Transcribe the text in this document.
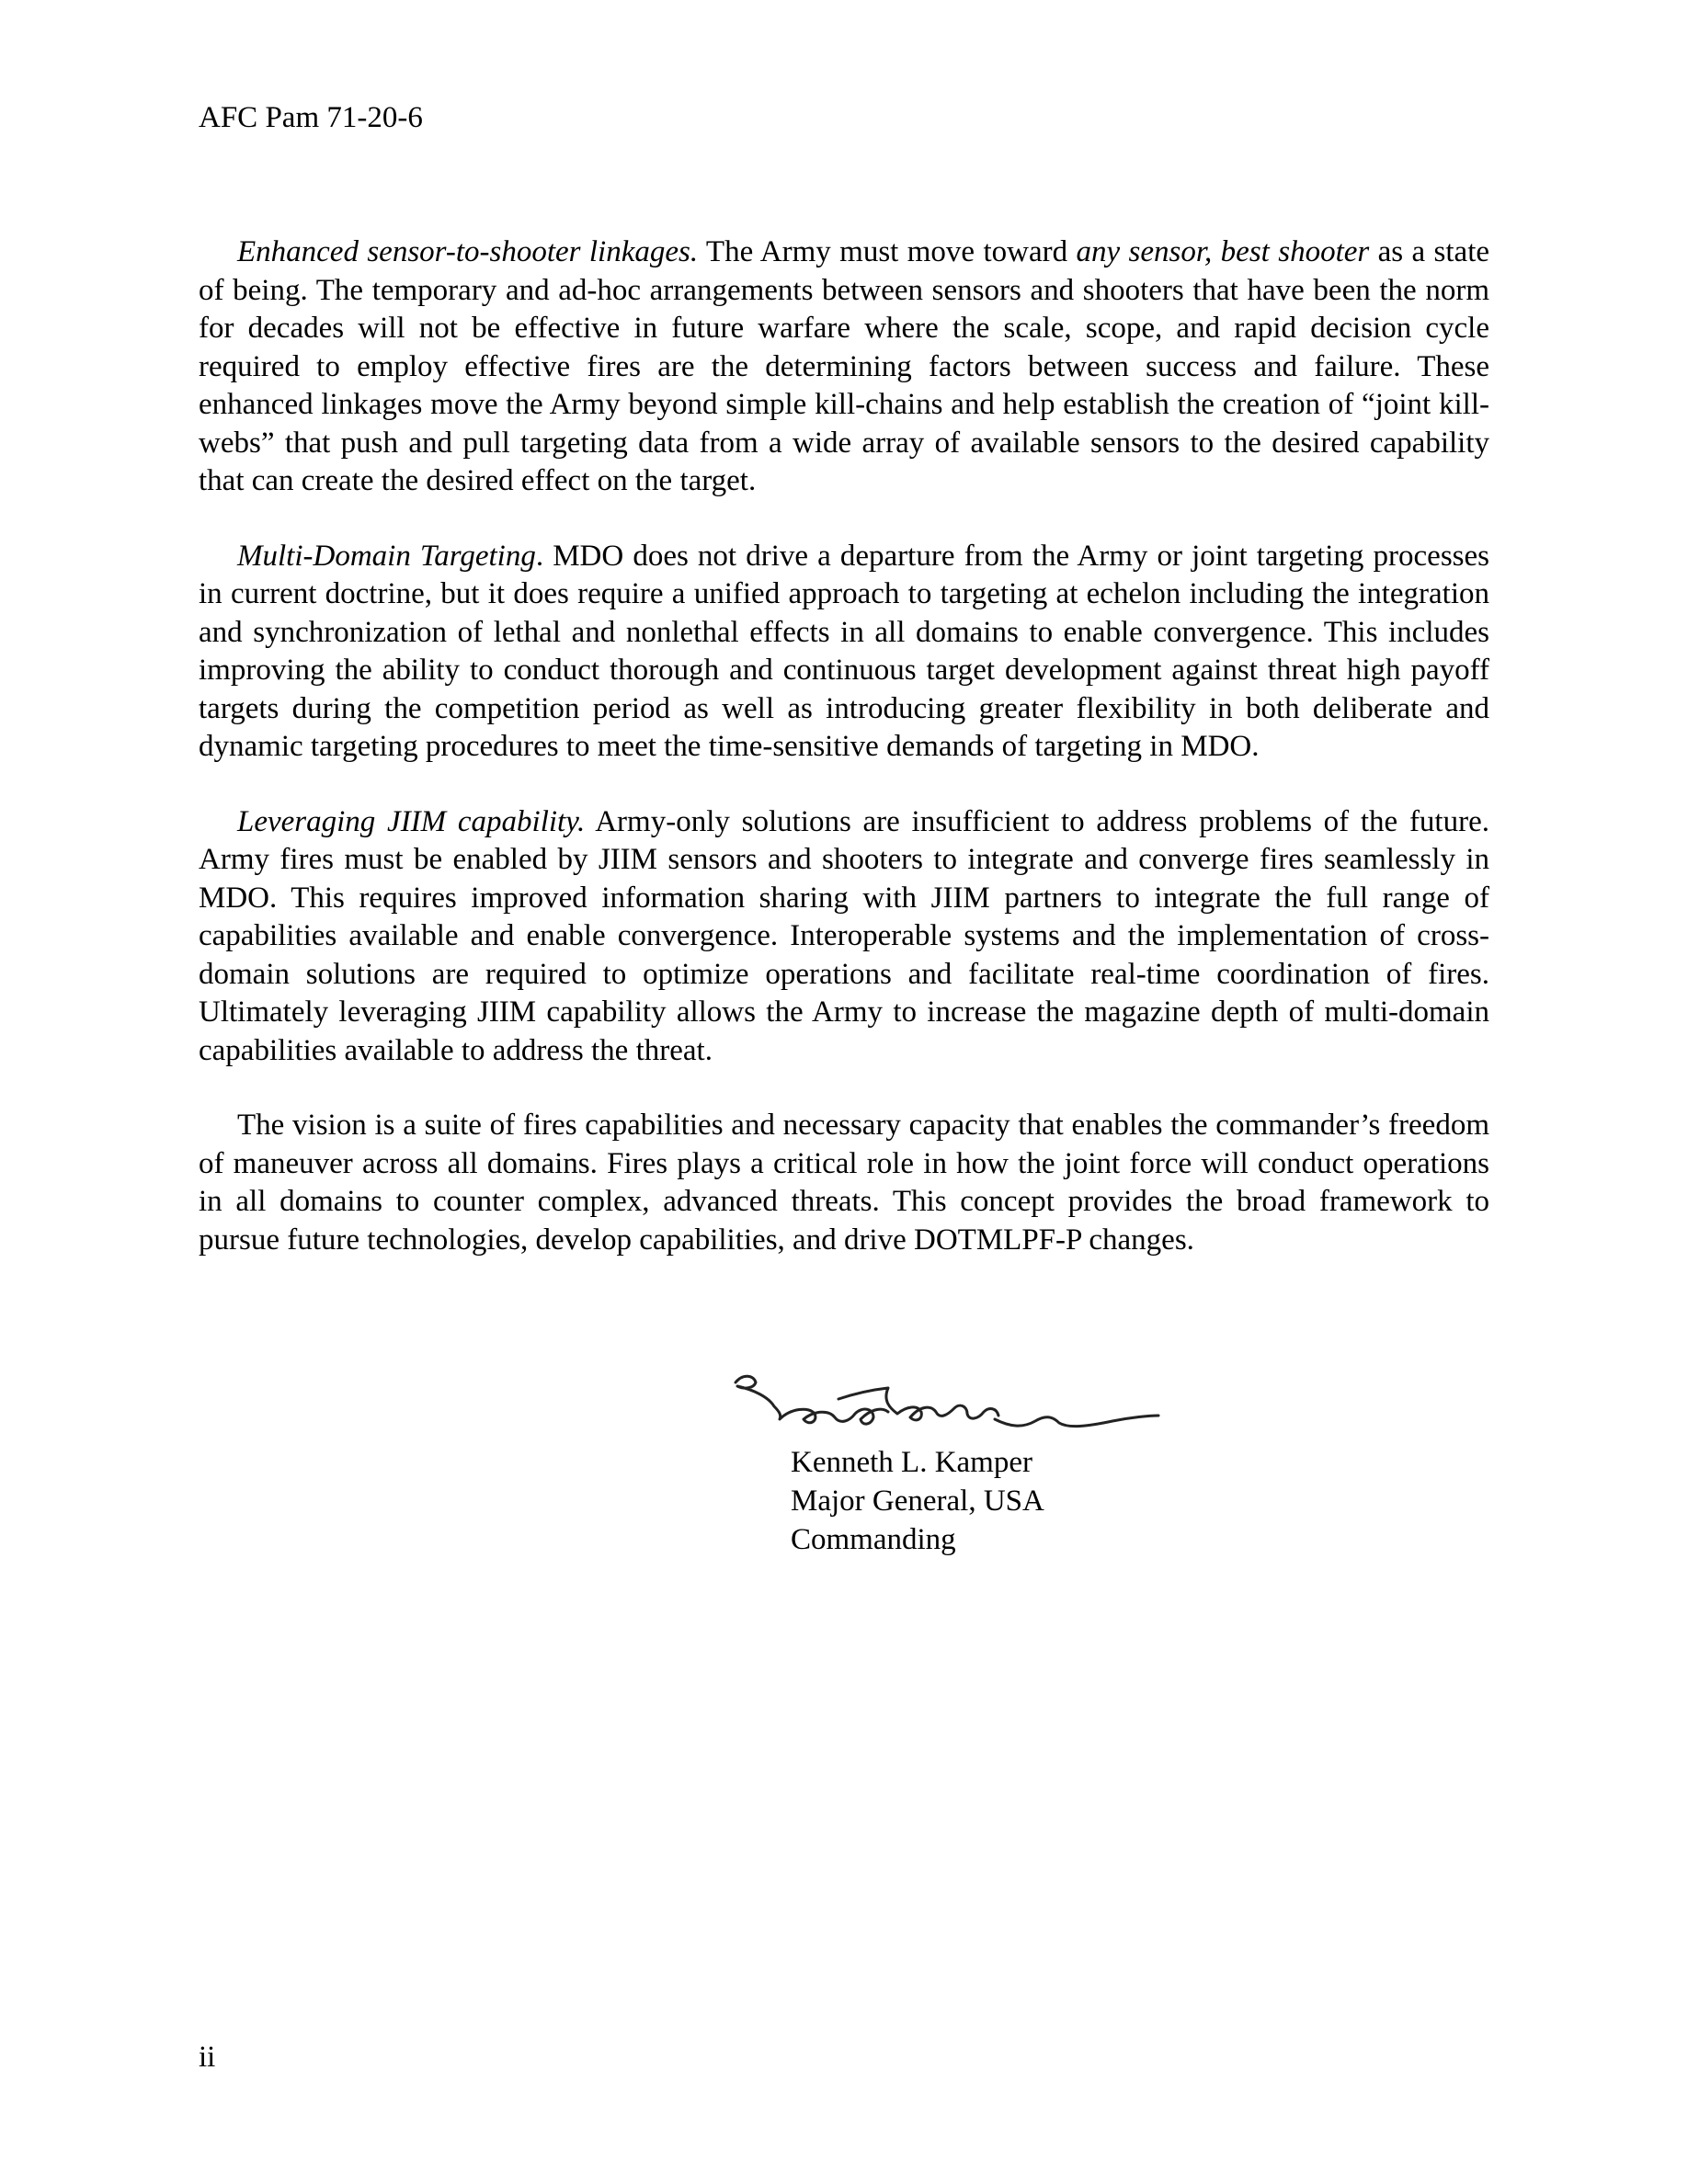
AFC Pam 71-20-6

Enhanced sensor-to-shooter linkages. The Army must move toward any sensor, best shooter as a state of being. The temporary and ad-hoc arrangements between sensors and shooters that have been the norm for decades will not be effective in future warfare where the scale, scope, and rapid decision cycle required to employ effective fires are the determining factors between success and failure. These enhanced linkages move the Army beyond simple kill-chains and help establish the creation of “joint kill-webs” that push and pull targeting data from a wide array of available sensors to the desired capability that can create the desired effect on the target.

Multi-Domain Targeting. MDO does not drive a departure from the Army or joint targeting processes in current doctrine, but it does require a unified approach to targeting at echelon including the integration and synchronization of lethal and nonlethal effects in all domains to enable convergence. This includes improving the ability to conduct thorough and continuous target development against threat high payoff targets during the competition period as well as introducing greater flexibility in both deliberate and dynamic targeting procedures to meet the time-sensitive demands of targeting in MDO.

Leveraging JIIM capability. Army-only solutions are insufficient to address problems of the future. Army fires must be enabled by JIIM sensors and shooters to integrate and converge fires seamlessly in MDO. This requires improved information sharing with JIIM partners to integrate the full range of capabilities available and enable convergence. Interoperable systems and the implementation of cross-domain solutions are required to optimize operations and facilitate real-time coordination of fires. Ultimately leveraging JIIM capability allows the Army to increase the magazine depth of multi-domain capabilities available to address the threat.

The vision is a suite of fires capabilities and necessary capacity that enables the commander’s freedom of maneuver across all domains. Fires plays a critical role in how the joint force will conduct operations in all domains to counter complex, advanced threats. This concept provides the broad framework to pursue future technologies, develop capabilities, and drive DOTMLPF-P changes.

Kenneth L. Kamper
Major General, USA
Commanding
ii
